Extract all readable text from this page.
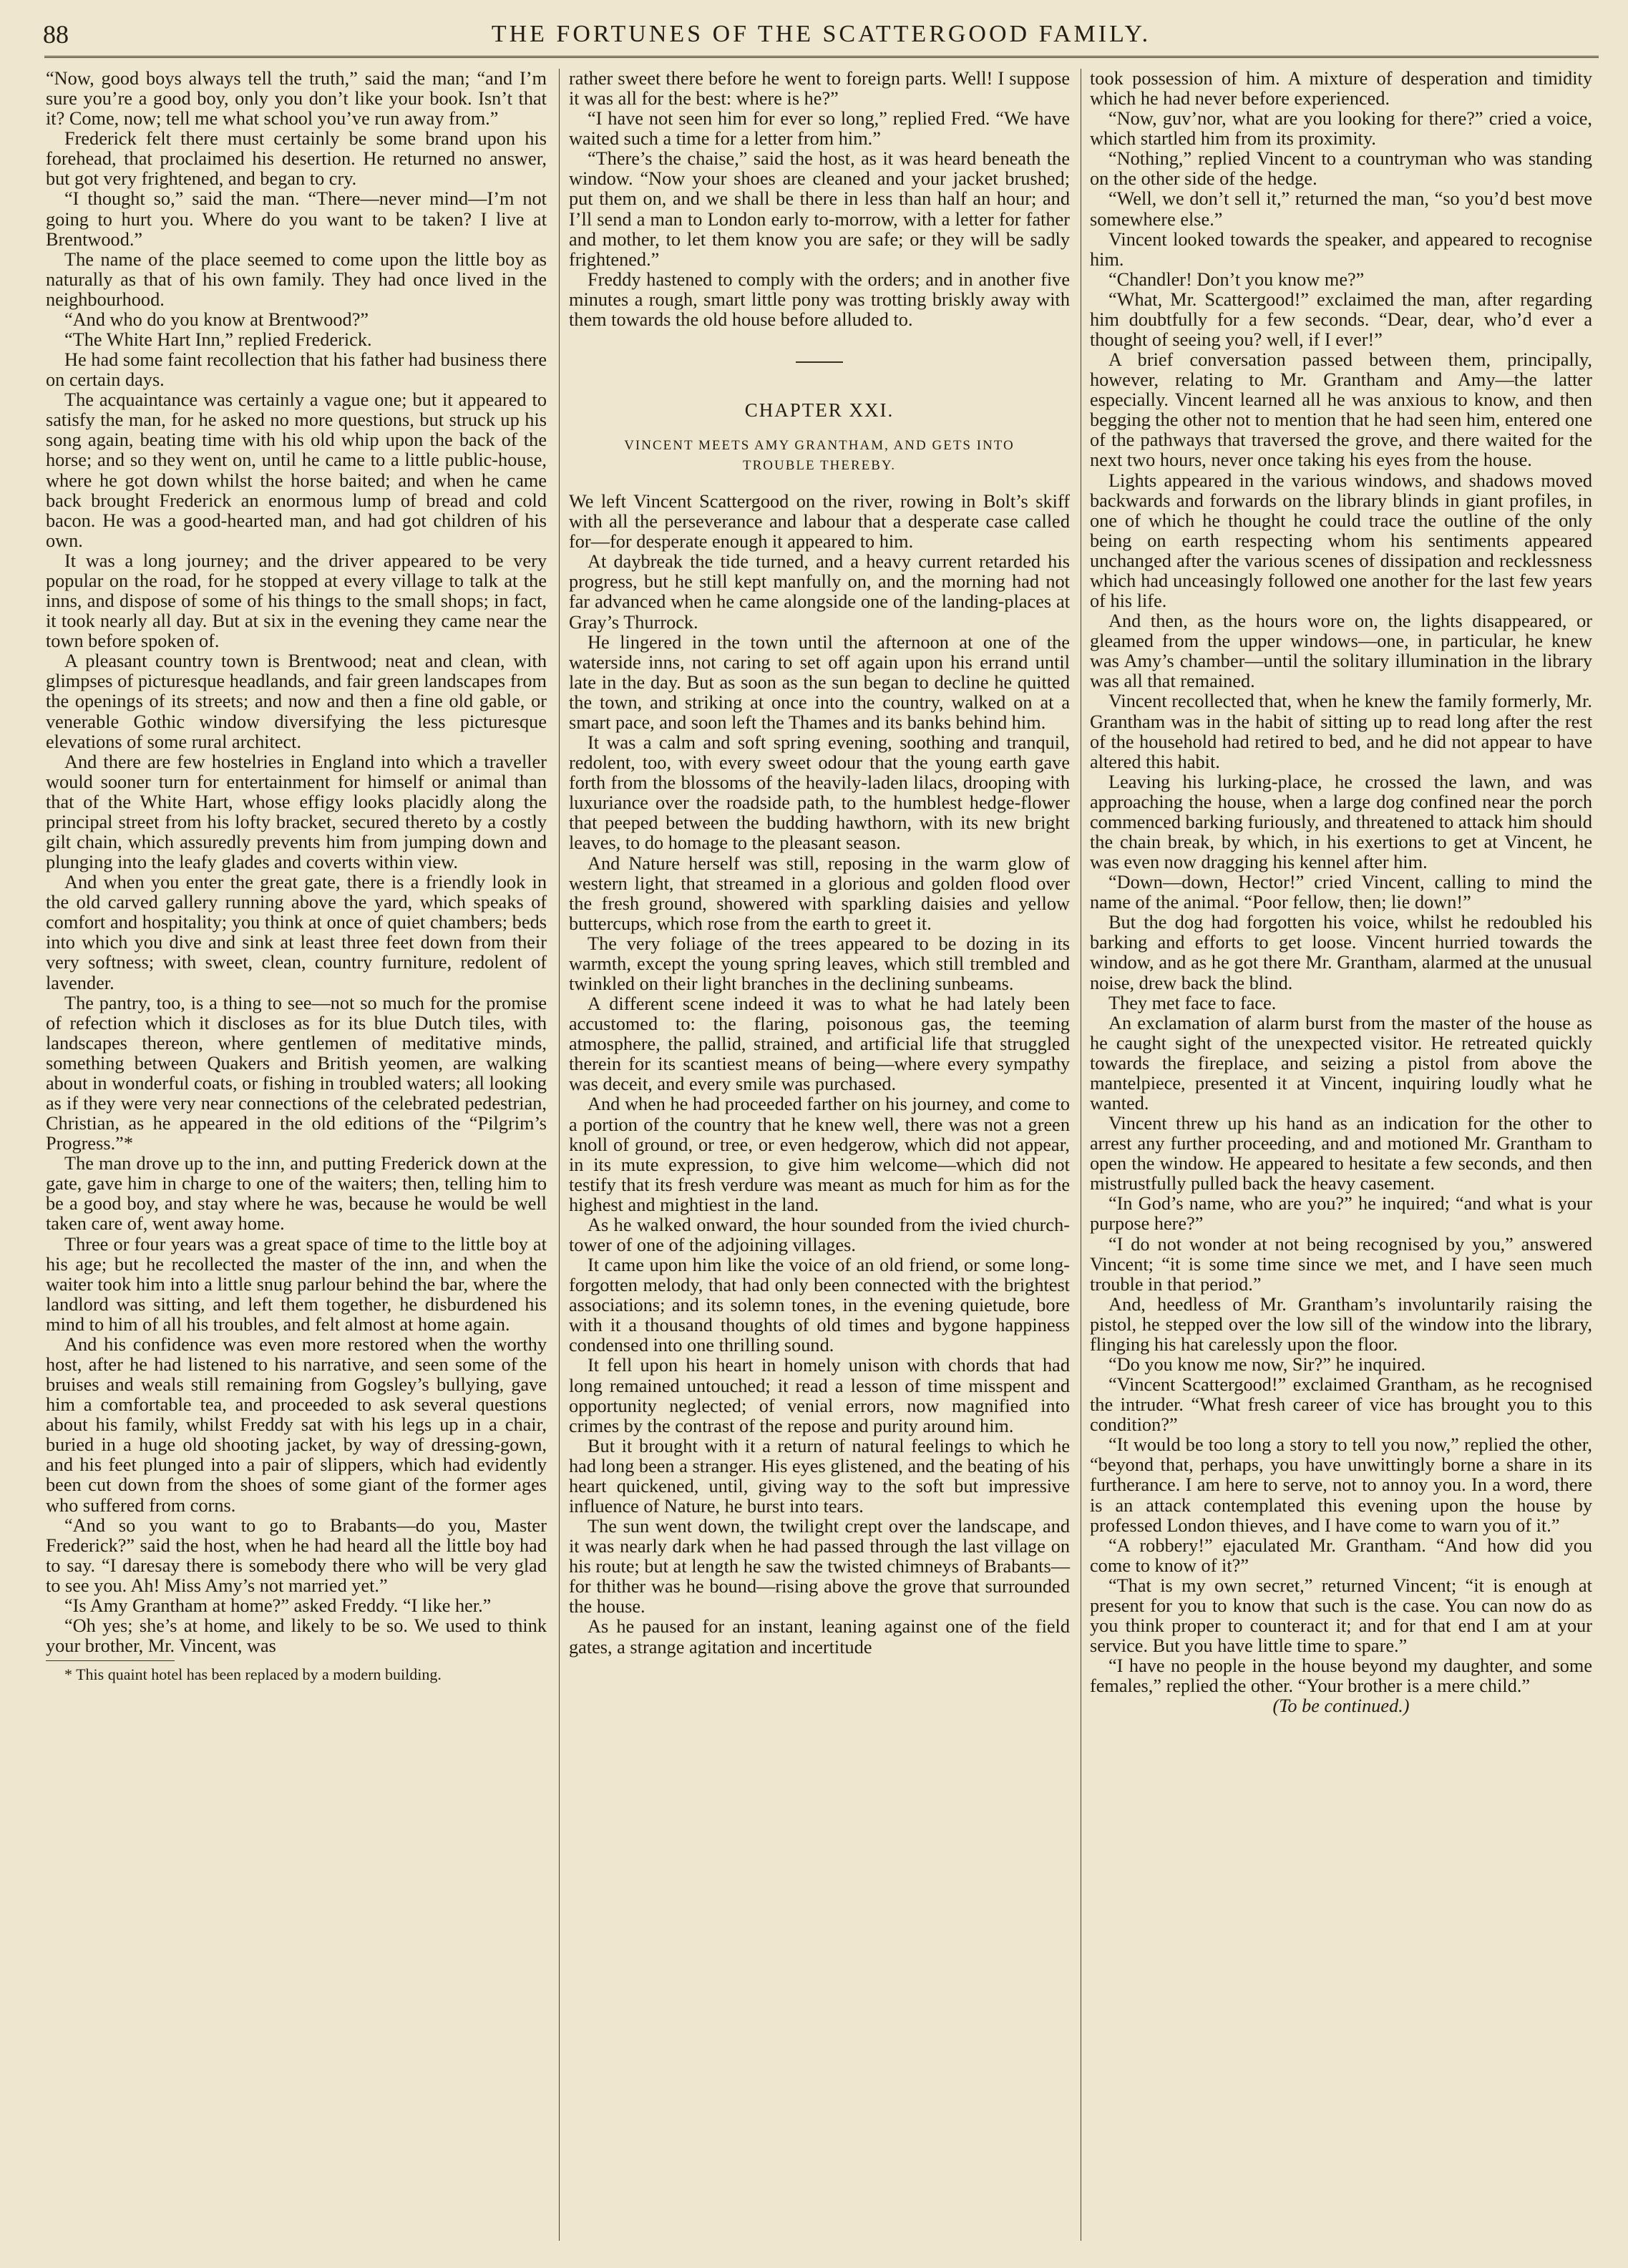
88	THE FORTUNES OF THE SCATTERGOOD FAMILY.

“Now, good boys always tell the truth,” said the man; “and I’m sure you’re a good boy, only you don’t like your book. Isn’t that it? Come, now; tell me what school you’ve run away from.”

Frederick felt there must certainly be some brand upon his forehead, that proclaimed his desertion. He returned no answer, but got very frightened, and began to cry.

“I thought so,” said the man. “There—never mind—I’m not going to hurt you. Where do you want to be taken? I live at Brentwood.”

The name of the place seemed to come upon the little boy as naturally as that of his own family. They had once lived in the neighbourhood.

“And who do you know at Brentwood?”

“The White Hart Inn,” replied Frederick.

He had some faint recollection that his father had business there on certain days.

The acquaintance was certainly a vague one; but it appeared to satisfy the man, for he asked no more questions, but struck up his song again, beating time with his old whip upon the back of the horse; and so they went on, until he came to a little public-house, where he got down whilst the horse baited; and when he came back brought Frederick an enormous lump of bread and cold bacon. He was a good-hearted man, and had got children of his own.

It was a long journey; and the driver appeared to be very popular on the road, for he stopped at every village to talk at the inns, and dispose of some of his things to the small shops; in fact, it took nearly all day. But at six in the evening they came near the town before spoken of.

A pleasant country town is Brentwood; neat and clean, with glimpses of picturesque headlands, and fair green landscapes from the openings of its streets; and now and then a fine old gable, or venerable Gothic window diversifying the less picturesque elevations of some rural architect.

And there are few hostelries in England into which a traveller would sooner turn for entertainment for himself or animal than that of the White Hart, whose effigy looks placidly along the principal street from his lofty bracket, secured thereto by a costly gilt chain, which assuredly prevents him from jumping down and plunging into the leafy glades and coverts within view.

And when you enter the great gate, there is a friendly look in the old carved gallery running above the yard, which speaks of comfort and hospitality; you think at once of quiet chambers; beds into which you dive and sink at least three feet down from their very softness; with sweet, clean, country furniture, redolent of lavender.

The pantry, too, is a thing to see—not so much for the promise of refection which it discloses as for its blue Dutch tiles, with landscapes thereon, where gentlemen of meditative minds, something between Quakers and British yeomen, are walking about in wonderful coats, or fishing in troubled waters; all looking as if they were very near connections of the celebrated pedestrian, Christian, as he appeared in the old editions of the “Pilgrim’s Progress.”*

The man drove up to the inn, and putting Frederick down at the gate, gave him in charge to one of the waiters; then, telling him to be a good boy, and stay where he was, because he would be well taken care of, went away home.

Three or four years was a great space of time to the little boy at his age; but he recollected the master of the inn, and when the waiter took him into a little snug parlour behind the bar, where the landlord was sitting, and left them together, he disburdened his mind to him of all his troubles, and felt almost at home again.

And his confidence was even more restored when the worthy host, after he had listened to his narrative, and seen some of the bruises and weals still remaining from Gogsley’s bullying, gave him a comfortable tea, and proceeded to ask several questions about his family, whilst Freddy sat with his legs up in a chair, buried in a huge old shooting jacket, by way of dressing-gown, and his feet plunged into a pair of slippers, which had evidently been cut down from the shoes of some giant of the former ages who suffered from corns.

“And so you want to go to Brabants—do you, Master Frederick?” said the host, when he had heard all the little boy had to say. “I daresay there is somebody there who will be very glad to see you. Ah! Miss Amy’s not married yet.”

“Is Amy Grantham at home?” asked Freddy. “I like her.”

“Oh yes; she’s at home, and likely to be so. We used to think your brother, Mr. Vincent, was

* This quaint hotel has been replaced by a modern building.

rather sweet there before he went to foreign parts. Well! I suppose it was all for the best: where is he?”

“I have not seen him for ever so long,” replied Fred. “We have waited such a time for a letter from him.”

“There’s the chaise,” said the host, as it was heard beneath the window. “Now your shoes are cleaned and your jacket brushed; put them on, and we shall be there in less than half an hour; and I’ll send a man to London early to-morrow, with a letter for father and mother, to let them know you are safe; or they will be sadly frightened.”

Freddy hastened to comply with the orders; and in another five minutes a rough, smart little pony was trotting briskly away with them towards the old house before alluded to.

CHAPTER XXI.
VINCENT MEETS AMY GRANTHAM, AND GETS INTO TROUBLE THEREBY.

We left Vincent Scattergood on the river, rowing in Bolt’s skiff with all the perseverance and labour that a desperate case called for—for desperate enough it appeared to him.

At daybreak the tide turned, and a heavy current retarded his progress, but he still kept manfully on, and the morning had not far advanced when he came alongside one of the landing-places at Gray’s Thurrock.

He lingered in the town until the afternoon at one of the waterside inns, not caring to set off again upon his errand until late in the day. But as soon as the sun began to decline he quitted the town, and striking at once into the country, walked on at a smart pace, and soon left the Thames and its banks behind him.

It was a calm and soft spring evening, soothing and tranquil, redolent, too, with every sweet odour that the young earth gave forth from the blossoms of the heavily-laden lilacs, drooping with luxuriance over the roadside path, to the humblest hedge-flower that peeped between the budding hawthorn, with its new bright leaves, to do homage to the pleasant season.

And Nature herself was still, reposing in the warm glow of western light, that streamed in a glorious and golden flood over the fresh ground, showered with sparkling daisies and yellow buttercups, which rose from the earth to greet it.

The very foliage of the trees appeared to be dozing in its warmth, except the young spring leaves, which still trembled and twinkled on their light branches in the declining sunbeams.

A different scene indeed it was to what he had lately been accustomed to: the flaring, poisonous gas, the teeming atmosphere, the pallid, strained, and artificial life that struggled therein for its scantiest means of being—where every sympathy was deceit, and every smile was purchased.

And when he had proceeded farther on his journey, and come to a portion of the country that he knew well, there was not a green knoll of ground, or tree, or even hedgerow, which did not appear, in its mute expression, to give him welcome—which did not testify that its fresh verdure was meant as much for him as for the highest and mightiest in the land.

As he walked onward, the hour sounded from the ivied church-tower of one of the adjoining villages.

It came upon him like the voice of an old friend, or some long-forgotten melody, that had only been connected with the brightest associations; and its solemn tones, in the evening quietude, bore with it a thousand thoughts of old times and bygone happiness condensed into one thrilling sound.

It fell upon his heart in homely unison with chords that had long remained untouched; it read a lesson of time misspent and opportunity neglected; of venial errors, now magnified into crimes by the contrast of the repose and purity around him.

But it brought with it a return of natural feelings to which he had long been a stranger. His eyes glistened, and the beating of his heart quickened, until, giving way to the soft but impressive influence of Nature, he burst into tears.

The sun went down, the twilight crept over the landscape, and it was nearly dark when he had passed through the last village on his route; but at length he saw the twisted chimneys of Brabants—for thither was he bound—rising above the grove that surrounded the house.

As he paused for an instant, leaning against one of the field gates, a strange agitation and incertitude

took possession of him. A mixture of desperation and timidity which he had never before experienced.

“Now, guv’nor, what are you looking for there?” cried a voice, which startled him from its proximity.

“Nothing,” replied Vincent to a countryman who was standing on the other side of the hedge.

“Well, we don’t sell it,” returned the man, “so you’d best move somewhere else.”

Vincent looked towards the speaker, and appeared to recognise him.

“Chandler! Don’t you know me?”

“What, Mr. Scattergood!” exclaimed the man, after regarding him doubtfully for a few seconds. “Dear, dear, who’d ever a thought of seeing you? well, if I ever!”

A brief conversation passed between them, principally, however, relating to Mr. Grantham and Amy—the latter especially. Vincent learned all he was anxious to know, and then begging the other not to mention that he had seen him, entered one of the pathways that traversed the grove, and there waited for the next two hours, never once taking his eyes from the house.

Lights appeared in the various windows, and shadows moved backwards and forwards on the library blinds in giant profiles, in one of which he thought he could trace the outline of the only being on earth respecting whom his sentiments appeared unchanged after the various scenes of dissipation and recklessness which had unceasingly followed one another for the last few years of his life.

And then, as the hours wore on, the lights disappeared, or gleamed from the upper windows—one, in particular, he knew was Amy’s chamber—until the solitary illumination in the library was all that remained.

Vincent recollected that, when he knew the family formerly, Mr. Grantham was in the habit of sitting up to read long after the rest of the household had retired to bed, and he did not appear to have altered this habit.

Leaving his lurking-place, he crossed the lawn, and was approaching the house, when a large dog confined near the porch commenced barking furiously, and threatened to attack him should the chain break, by which, in his exertions to get at Vincent, he was even now dragging his kennel after him.

“Down—down, Hector!” cried Vincent, calling to mind the name of the animal. “Poor fellow, then; lie down!”

But the dog had forgotten his voice, whilst he redoubled his barking and efforts to get loose. Vincent hurried towards the window, and as he got there Mr. Grantham, alarmed at the unusual noise, drew back the blind.

They met face to face.

An exclamation of alarm burst from the master of the house as he caught sight of the unexpected visitor. He retreated quickly towards the fireplace, and seizing a pistol from above the mantelpiece, presented it at Vincent, inquiring loudly what he wanted.

Vincent threw up his hand as an indication for the other to arrest any further proceeding, and and motioned Mr. Grantham to open the window. He appeared to hesitate a few seconds, and then mistrustfully pulled back the heavy casement.

“In God’s name, who are you?” he inquired; “and what is your purpose here?”

“I do not wonder at not being recognised by you,” answered Vincent; “it is some time since we met, and I have seen much trouble in that period.”

And, heedless of Mr. Grantham’s involuntarily raising the pistol, he stepped over the low sill of the window into the library, flinging his hat carelessly upon the floor.

“Do you know me now, Sir?” he inquired.

“Vincent Scattergood!” exclaimed Grantham, as he recognised the intruder. “What fresh career of vice has brought you to this condition?”

“It would be too long a story to tell you now,” replied the other, “beyond that, perhaps, you have unwittingly borne a share in its furtherance. I am here to serve, not to annoy you. In a word, there is an attack contemplated this evening upon the house by professed London thieves, and I have come to warn you of it.”

“A robbery!” ejaculated Mr. Grantham. “And how did you come to know of it?”

“That is my own secret,” returned Vincent; “it is enough at present for you to know that such is the case. You can now do as you think proper to counteract it; and for that end I am at your service. But you have little time to spare.”

“I have no people in the house beyond my daughter, and some females,” replied the other. “Your brother is a mere child.”

(To be continued.)
